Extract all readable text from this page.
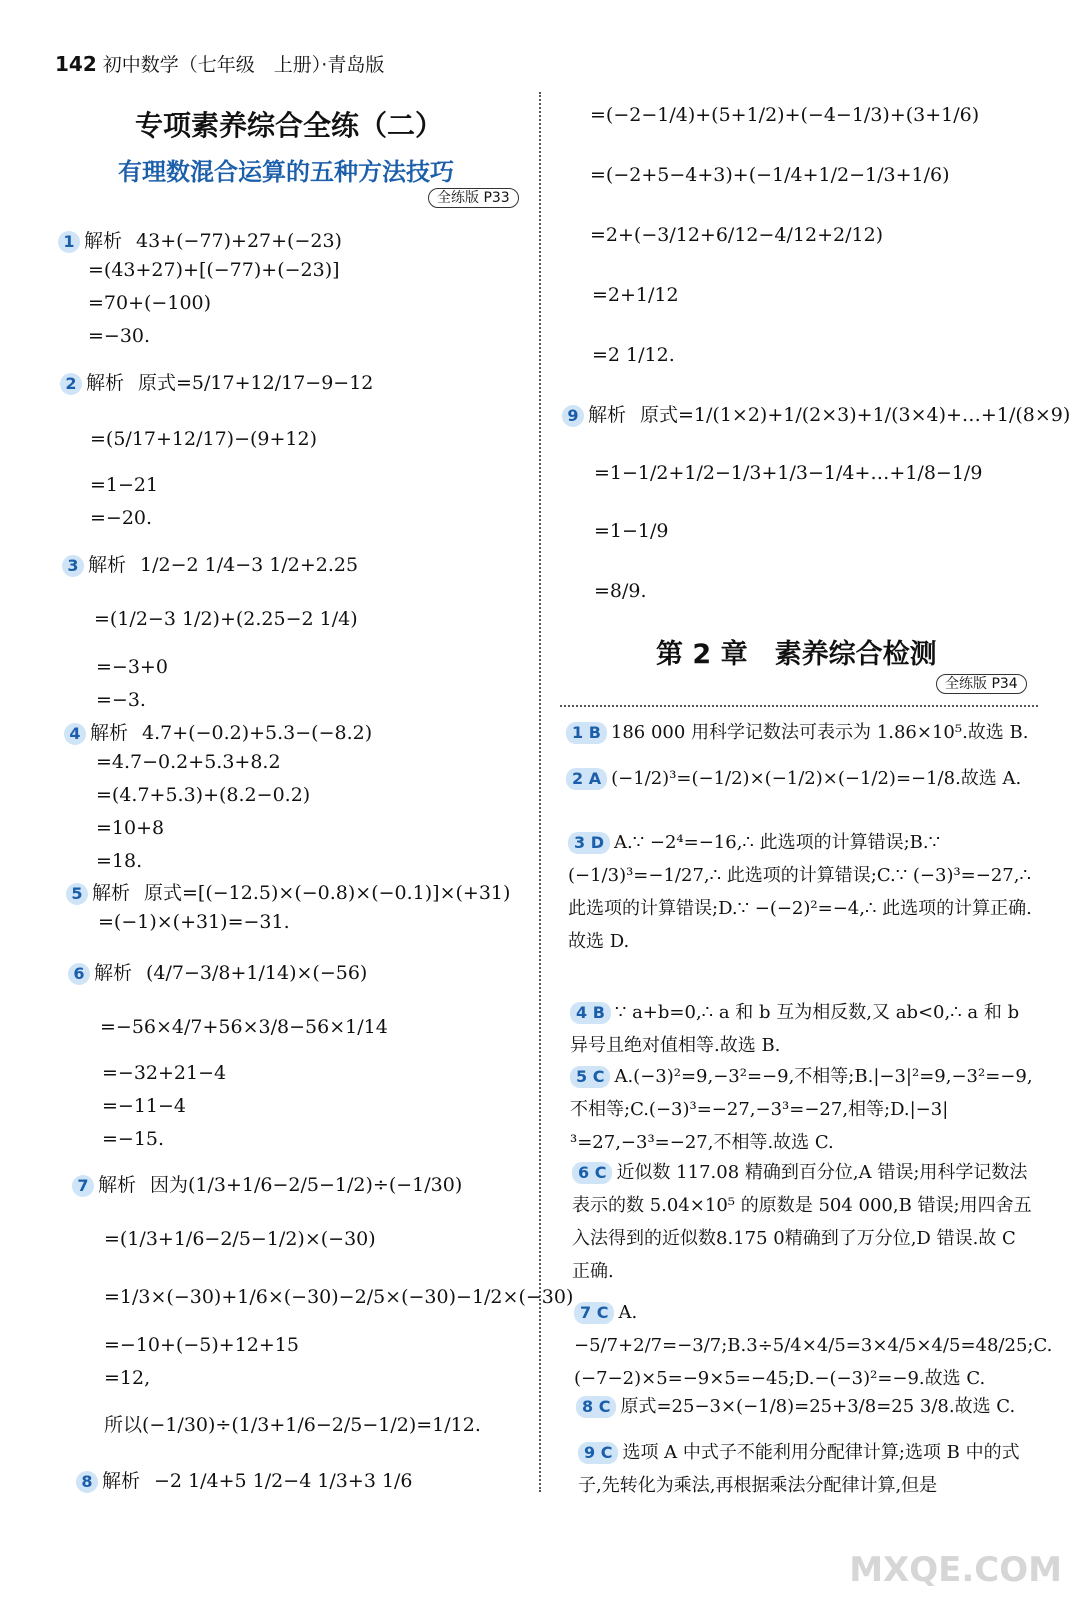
142 初中数学（七年级　上册）·青岛版
专项素养综合全练（二）
有理数混合运算的五种方法技巧
全练版 P33
1 解析 43+(−77)+27+(−23)
=(43+27)+[(−77)+(−23)]
=70+(−100)
=−30.
2 解析 原式=5/17+12/17−9−12
=(5/17+12/17)−(9+12)
=1−21
=−20.
3 解析 1/2−2 1/4−3 1/2+2.25
=(1/2−3 1/2)+(2.25−2 1/4)
=−3+0
=−3.
4 解析 4.7+(−0.2)+5.3−(−8.2)
=4.7−0.2+5.3+8.2
=(4.7+5.3)+(8.2−0.2)
=10+8
=18.
5 解析 原式=[(−12.5)×(−0.8)×(−0.1)]×(+31)
=(−1)×(+31)=−31.
6 解析 (4/7−3/8+1/14)×(−56)
=−56×4/7+56×3/8−56×1/14
=−32+21−4
=−11−4
=−15.
7 解析 因为(1/3+1/6−2/5−1/2)÷(−1/30)
=(1/3+1/6−2/5−1/2)×(−30)
=1/3×(−30)+1/6×(−30)−2/5×(−30)−1/2×(−30)
=−10+(−5)+12+15
=12,
所以(−1/30)÷(1/3+1/6−2/5−1/2)=1/12.
8 解析 −2 1/4+5 1/2−4 1/3+3 1/6
=(−2−1/4)+(5+1/2)+(−4−1/3)+(3+1/6)
=(−2+5−4+3)+(−1/4+1/2−1/3+1/6)
=2+(−3/12+6/12−4/12+2/12)
=2+1/12
=2 1/12.
9 解析 原式=1/(1×2)+1/(2×3)+1/(3×4)+…+1/(8×9)
=1−1/2+1/2−1/3+1/3−1/4+…+1/8−1/9
=1−1/9
=8/9.
第 2 章　素养综合检测
全练版 P34
1 B 186 000 用科学记数法可表示为 1.86×10⁵.故选 B.
2 A (−1/2)³=(−1/2)×(−1/2)×(−1/2)=−1/8.故选 A.
3 D A.∵ −2⁴=−16,∴ 此选项的计算错误;B.∵ (−1/3)³=−1/27,∴ 此选项的计算错误;C.∵ (−3)³=−27,∴ 此选项的计算错误;D.∵ −(−2)²=−4,∴ 此选项的计算正确.故选 D.
4 B ∵ a+b=0,∴ a 和 b 互为相反数,又 ab<0,∴ a 和 b 异号且绝对值相等.故选 B.
5 C A.(−3)²=9,−3²=−9,不相等;B.|−3|²=9,−3²=−9,不相等;C.(−3)³=−27,−3³=−27,相等;D.|−3|³=27,−3³=−27,不相等.故选 C.
6 C 近似数 117.08 精确到百分位,A 错误;用科学记数法表示的数 5.04×10⁵ 的原数是 504 000,B 错误;用四舍五入法得到的近似数8.175 0精确到了万分位,D 错误.故 C 正确.
7 C A.−5/7+2/7=−3/7;B.3÷5/4×4/5=3×4/5×4/5=48/25;C.(−7−2)×5=−9×5=−45;D.−(−3)²=−9.故选 C.
8 C 原式=25−3×(−1/8)=25+3/8=25 3/8.故选 C.
9 C 选项 A 中式子不能利用分配律计算;选项 B 中的式子,先转化为乘法,再根据乘法分配律计算,但是
MXQE.COM
